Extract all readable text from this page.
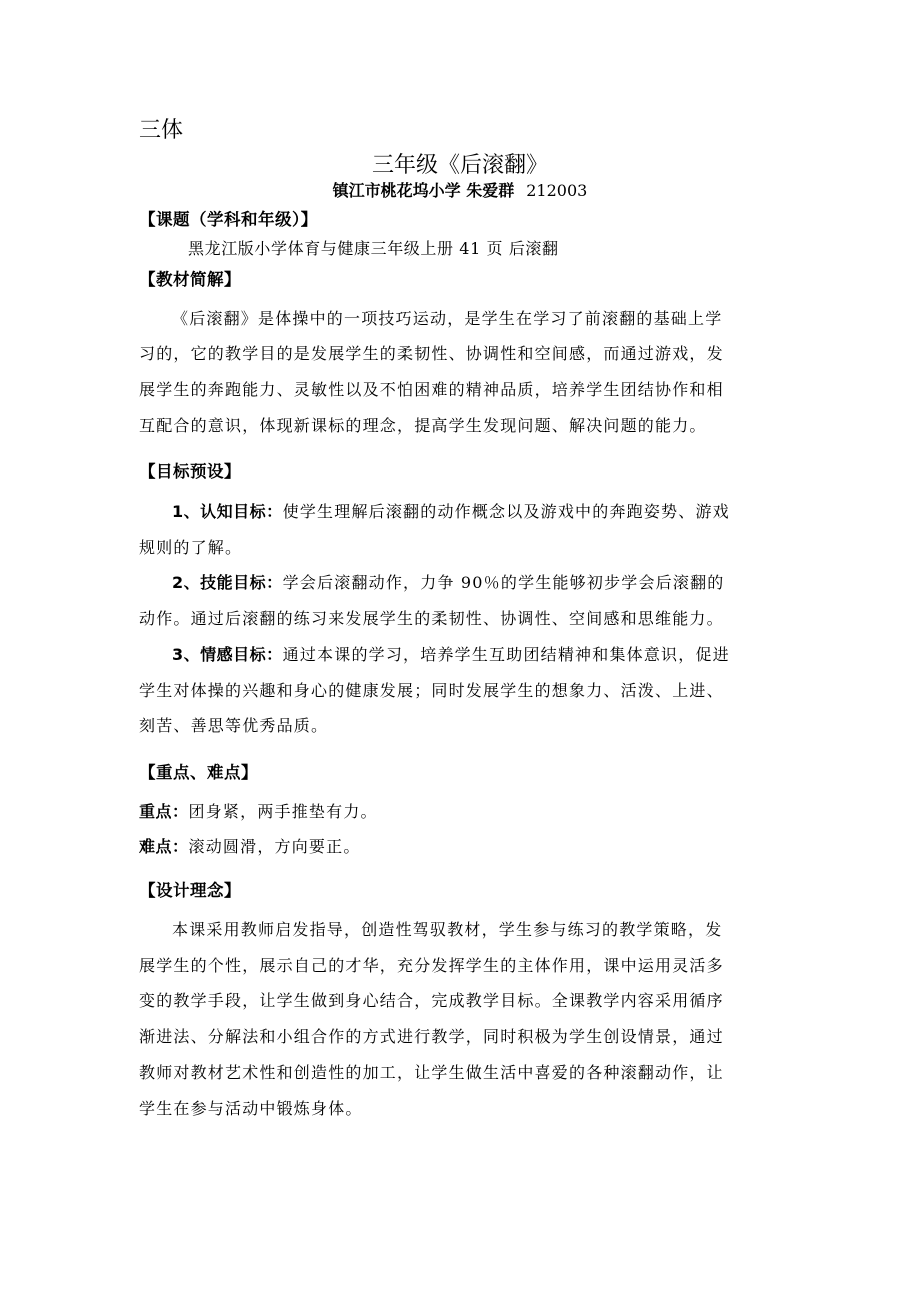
三体
三年级《后滚翻》
镇江市桃花坞小学 朱爱群 212003
【课题（学科和年级）】
黑龙江版小学体育与健康三年级上册 41 页 后滚翻
【教材简解】
《后滚翻》是体操中的一项技巧运动，是学生在学习了前滚翻的基础上学
习的，它的教学目的是发展学生的柔韧性、协调性和空间感，而通过游戏，发
展学生的奔跑能力、灵敏性以及不怕困难的精神品质，培养学生团结协作和相
互配合的意识，体现新课标的理念，提高学生发现问题、解决问题的能力。
【目标预设】
1、认知目标：使学生理解后滚翻的动作概念以及游戏中的奔跑姿势、游戏
规则的了解。
2、技能目标：学会后滚翻动作，力争 90％的学生能够初步学会后滚翻的
动作。通过后滚翻的练习来发展学生的柔韧性、协调性、空间感和思维能力。
3、情感目标：通过本课的学习，培养学生互助团结精神和集体意识，促进
学生对体操的兴趣和身心的健康发展；同时发展学生的想象力、活泼、上进、
刻苦、善思等优秀品质。
【重点、难点】
重点：团身紧，两手推垫有力。
难点：滚动圆滑，方向要正。
【设计理念】
本课采用教师启发指导，创造性驾驭教材，学生参与练习的教学策略，发
展学生的个性，展示自己的才华，充分发挥学生的主体作用，课中运用灵活多
变的教学手段，让学生做到身心结合，完成教学目标。全课教学内容采用循序
渐进法、分解法和小组合作的方式进行教学，同时积极为学生创设情景，通过
教师对教材艺术性和创造性的加工，让学生做生活中喜爱的各种滚翻动作，让
学生在参与活动中锻炼身体。
